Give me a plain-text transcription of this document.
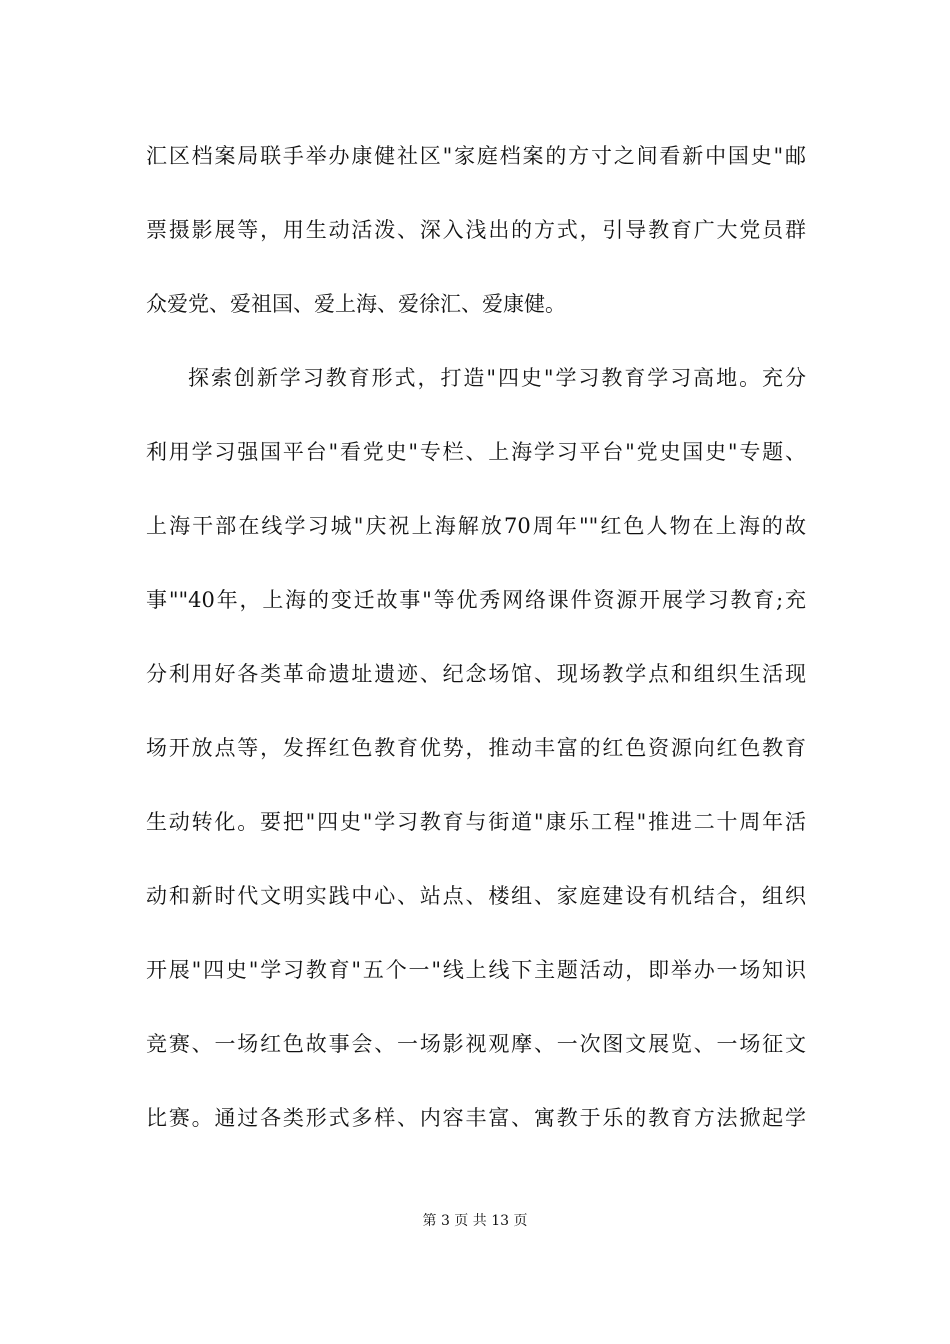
汇区档案局联手举办康健社区"家庭档案的方寸之间看新中国史"邮
票摄影展等，用生动活泼、深入浅出的方式，引导教育广大党员群
众爱党、爱祖国、爱上海、爱徐汇、爱康健。
探索创新学习教育形式，打造"四史"学习教育学习高地。充分
利用学习强国平台"看党史"专栏、上海学习平台"党史国史"专题、
上海干部在线学习城"庆祝上海解放70周年""红色人物在上海的故
事""40年，上海的变迁故事"等优秀网络课件资源开展学习教育;充
分利用好各类革命遗址遗迹、纪念场馆、现场教学点和组织生活现
场开放点等，发挥红色教育优势，推动丰富的红色资源向红色教育
生动转化。要把"四史"学习教育与街道"康乐工程"推进二十周年活
动和新时代文明实践中心、站点、楼组、家庭建设有机结合，组织
开展"四史"学习教育"五个一"线上线下主题活动，即举办一场知识
竞赛、一场红色故事会、一场影视观摩、一次图文展览、一场征文
比赛。通过各类形式多样、内容丰富、寓教于乐的教育方法掀起学
第 3 页 共 13 页
